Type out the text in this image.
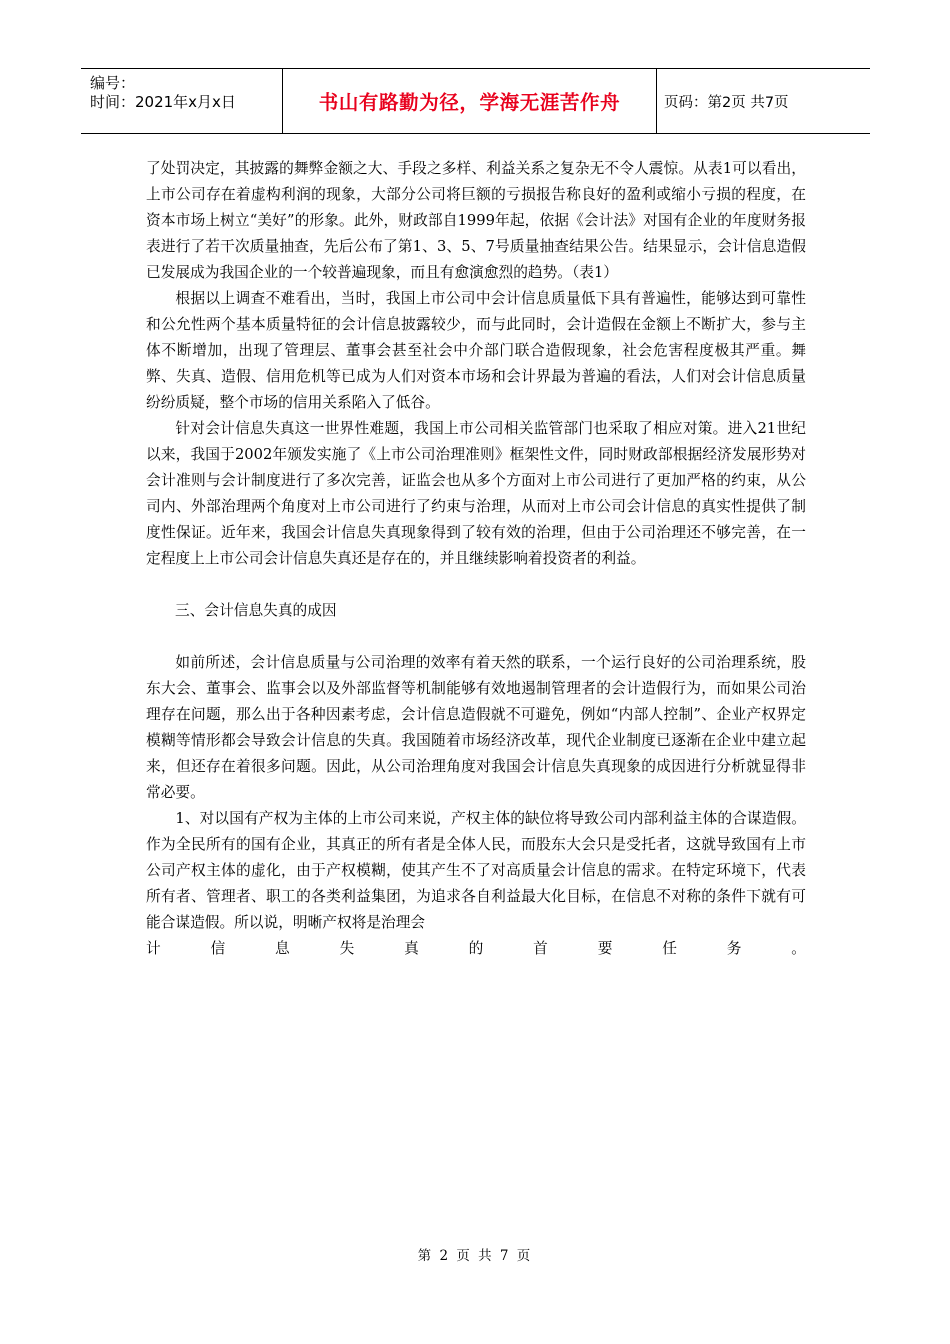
编号：
时间：2021年x月x日	书山有路勤为径，学海无涯苦作舟	页码：第2页 共7页

了处罚决定，其披露的舞弊金额之大、手段之多样、利益关系之复杂无不令人震惊。从表1可以看出，上市公司存在着虚构利润的现象，大部分公司将巨额的亏损报告称良好的盈利或缩小亏损的程度，在资本市场上树立“美好”的形象。此外，财政部自1999年起，依据《会计法》对国有企业的年度财务报表进行了若干次质量抽查，先后公布了第1、3、5、7号质量抽查结果公告。结果显示，会计信息造假已发展成为我国企业的一个较普遍现象，而且有愈演愈烈的趋势。（表1）

根据以上调查不难看出，当时，我国上市公司中会计信息质量低下具有普遍性，能够达到可靠性和公允性两个基本质量特征的会计信息披露较少，而与此同时，会计造假在金额上不断扩大，参与主体不断增加，出现了管理层、董事会甚至社会中介部门联合造假现象，社会危害程度极其严重。舞弊、失真、造假、信用危机等已成为人们对资本市场和会计界最为普遍的看法，人们对会计信息质量纷纷质疑，整个市场的信用关系陷入了低谷。

针对会计信息失真这一世界性难题，我国上市公司相关监管部门也采取了相应对策。进入21世纪以来，我国于2002年颁发实施了《上市公司治理准则》框架性文件，同时财政部根据经济发展形势对会计准则与会计制度进行了多次完善，证监会也从多个方面对上市公司进行了更加严格的约束，从公司内、外部治理两个角度对上市公司进行了约束与治理，从而对上市公司会计信息的真实性提供了制度性保证。近年来，我国会计信息失真现象得到了较有效的治理，但由于公司治理还不够完善，在一定程度上上市公司会计信息失真还是存在的，并且继续影响着投资者的利益。

三、会计信息失真的成因

如前所述，会计信息质量与公司治理的效率有着天然的联系，一个运行良好的公司治理系统，股东大会、董事会、监事会以及外部监督等机制能够有效地遏制管理者的会计造假行为，而如果公司治理存在问题，那么出于各种因素考虑，会计信息造假就不可避免，例如“内部人控制”、企业产权界定模糊等情形都会导致会计信息的失真。我国随着市场经济改革，现代企业制度已逐渐在企业中建立起来，但还存在着很多问题。因此，从公司治理角度对我国会计信息失真现象的成因进行分析就显得非常必要。

1、对以国有产权为主体的上市公司来说，产权主体的缺位将导致公司内部利益主体的合谋造假。作为全民所有的国有企业，其真正的所有者是全体人民，而股东大会只是受托者，这就导致国有上市公司产权主体的虚化，由于产权模糊，使其产生不了对高质量会计信息的需求。在特定环境下，代表所有者、管理者、职工的各类利益集团，为追求各自利益最大化目标，在信息不对称的条件下就有可能合谋造假。所以说，明晰产权将是治理会

计信息失真的首要任务。

第 2 页 共 7 页
